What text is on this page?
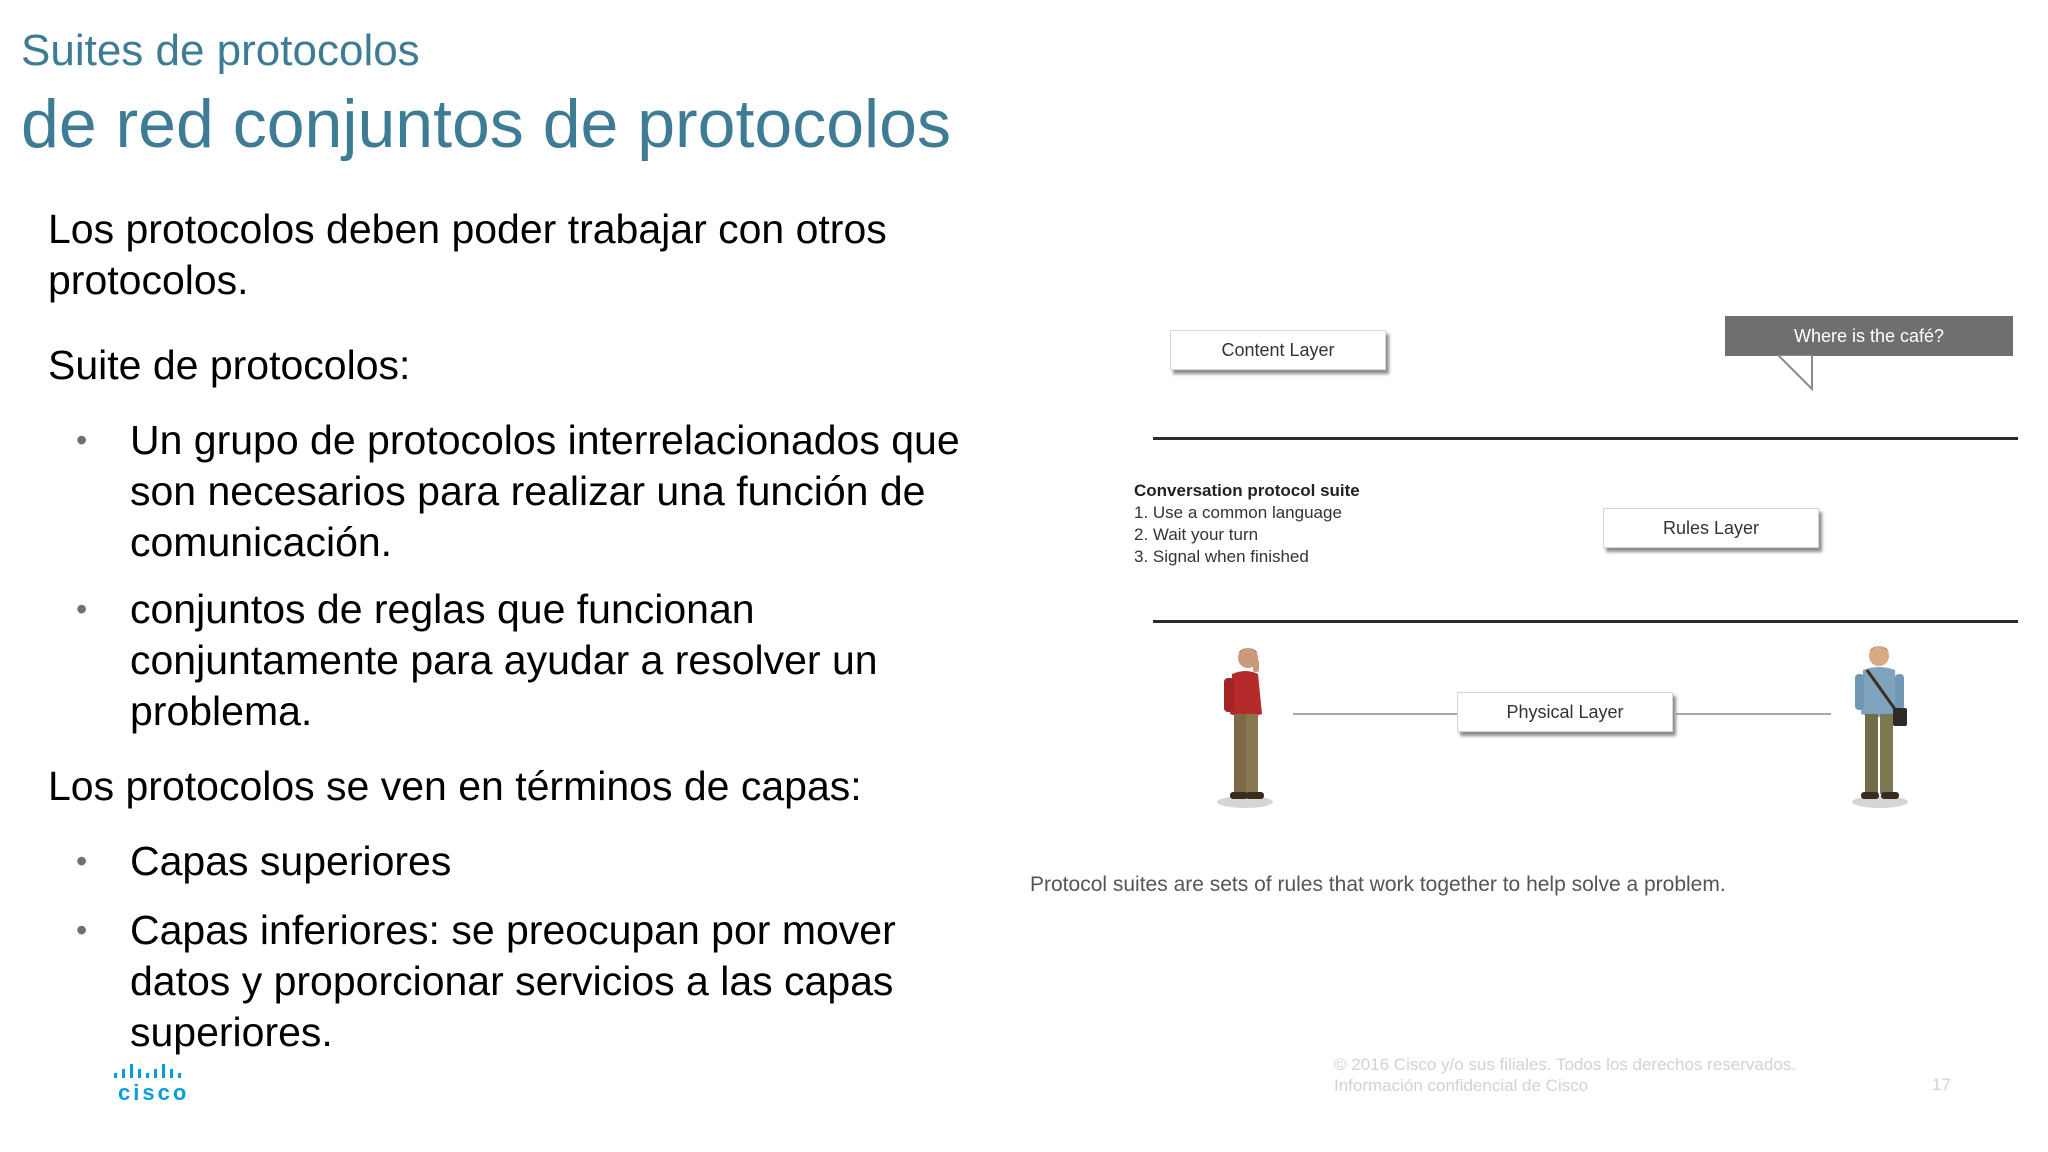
Suites de protocolos
de red conjuntos de protocolos

Los protocolos deben poder trabajar con otros protocolos.

Suite de protocolos:

• Un grupo de protocolos interrelacionados que son necesarios para realizar una función de comunicación.
• conjuntos de reglas que funcionan conjuntamente para ayudar a resolver un problema.

Los protocolos se ven en términos de capas:

• Capas superiores
• Capas inferiores: se preocupan por mover datos y proporcionar servicios a las capas superiores.
Content Layer
Where is the café?
Conversation protocol suite
1. Use a common language
2. Wait your turn
3. Signal when finished
Rules Layer
Physical Layer
Protocol suites are sets of rules that work together to help solve a problem.
cisco
© 2016 Cisco y/o sus filiales. Todos los derechos reservados.
Información confidencial de Cisco	17
